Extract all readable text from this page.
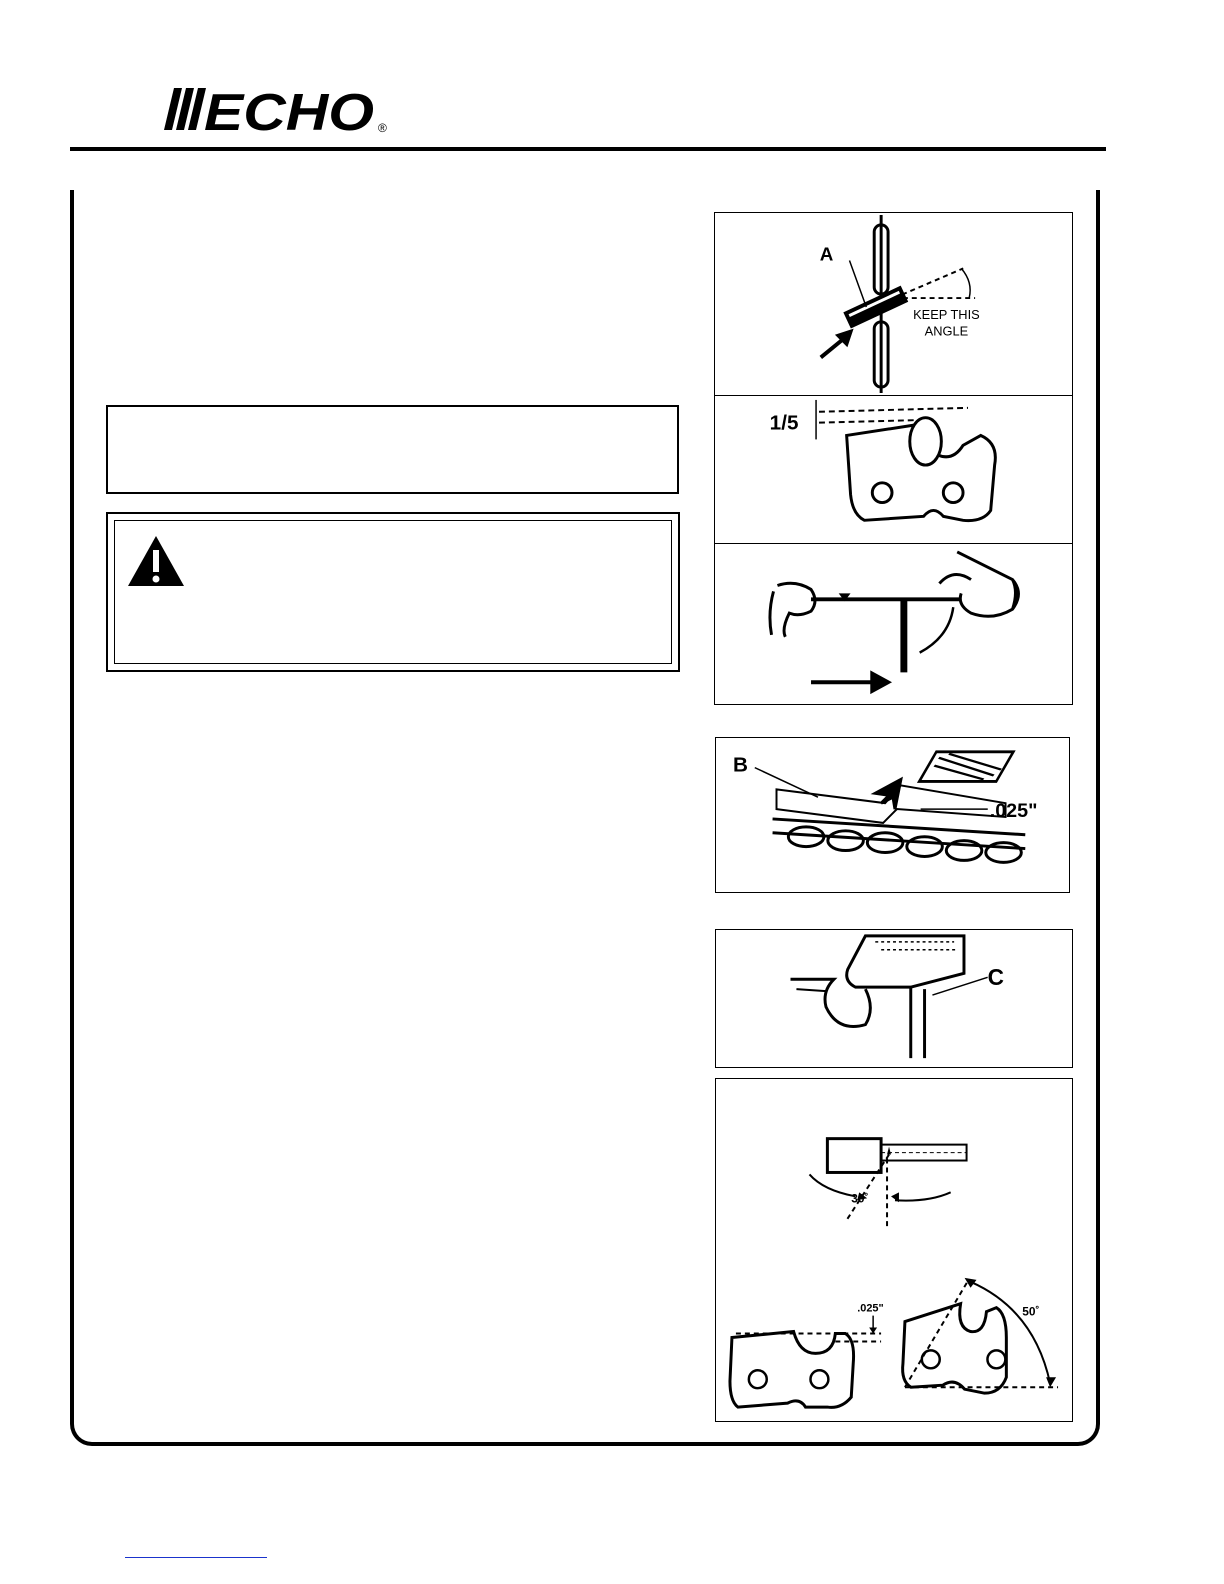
ECHO ®
A
KEEP THIS
ANGLE
1/5
B
.025"
C
30˚
.025"	50˚
